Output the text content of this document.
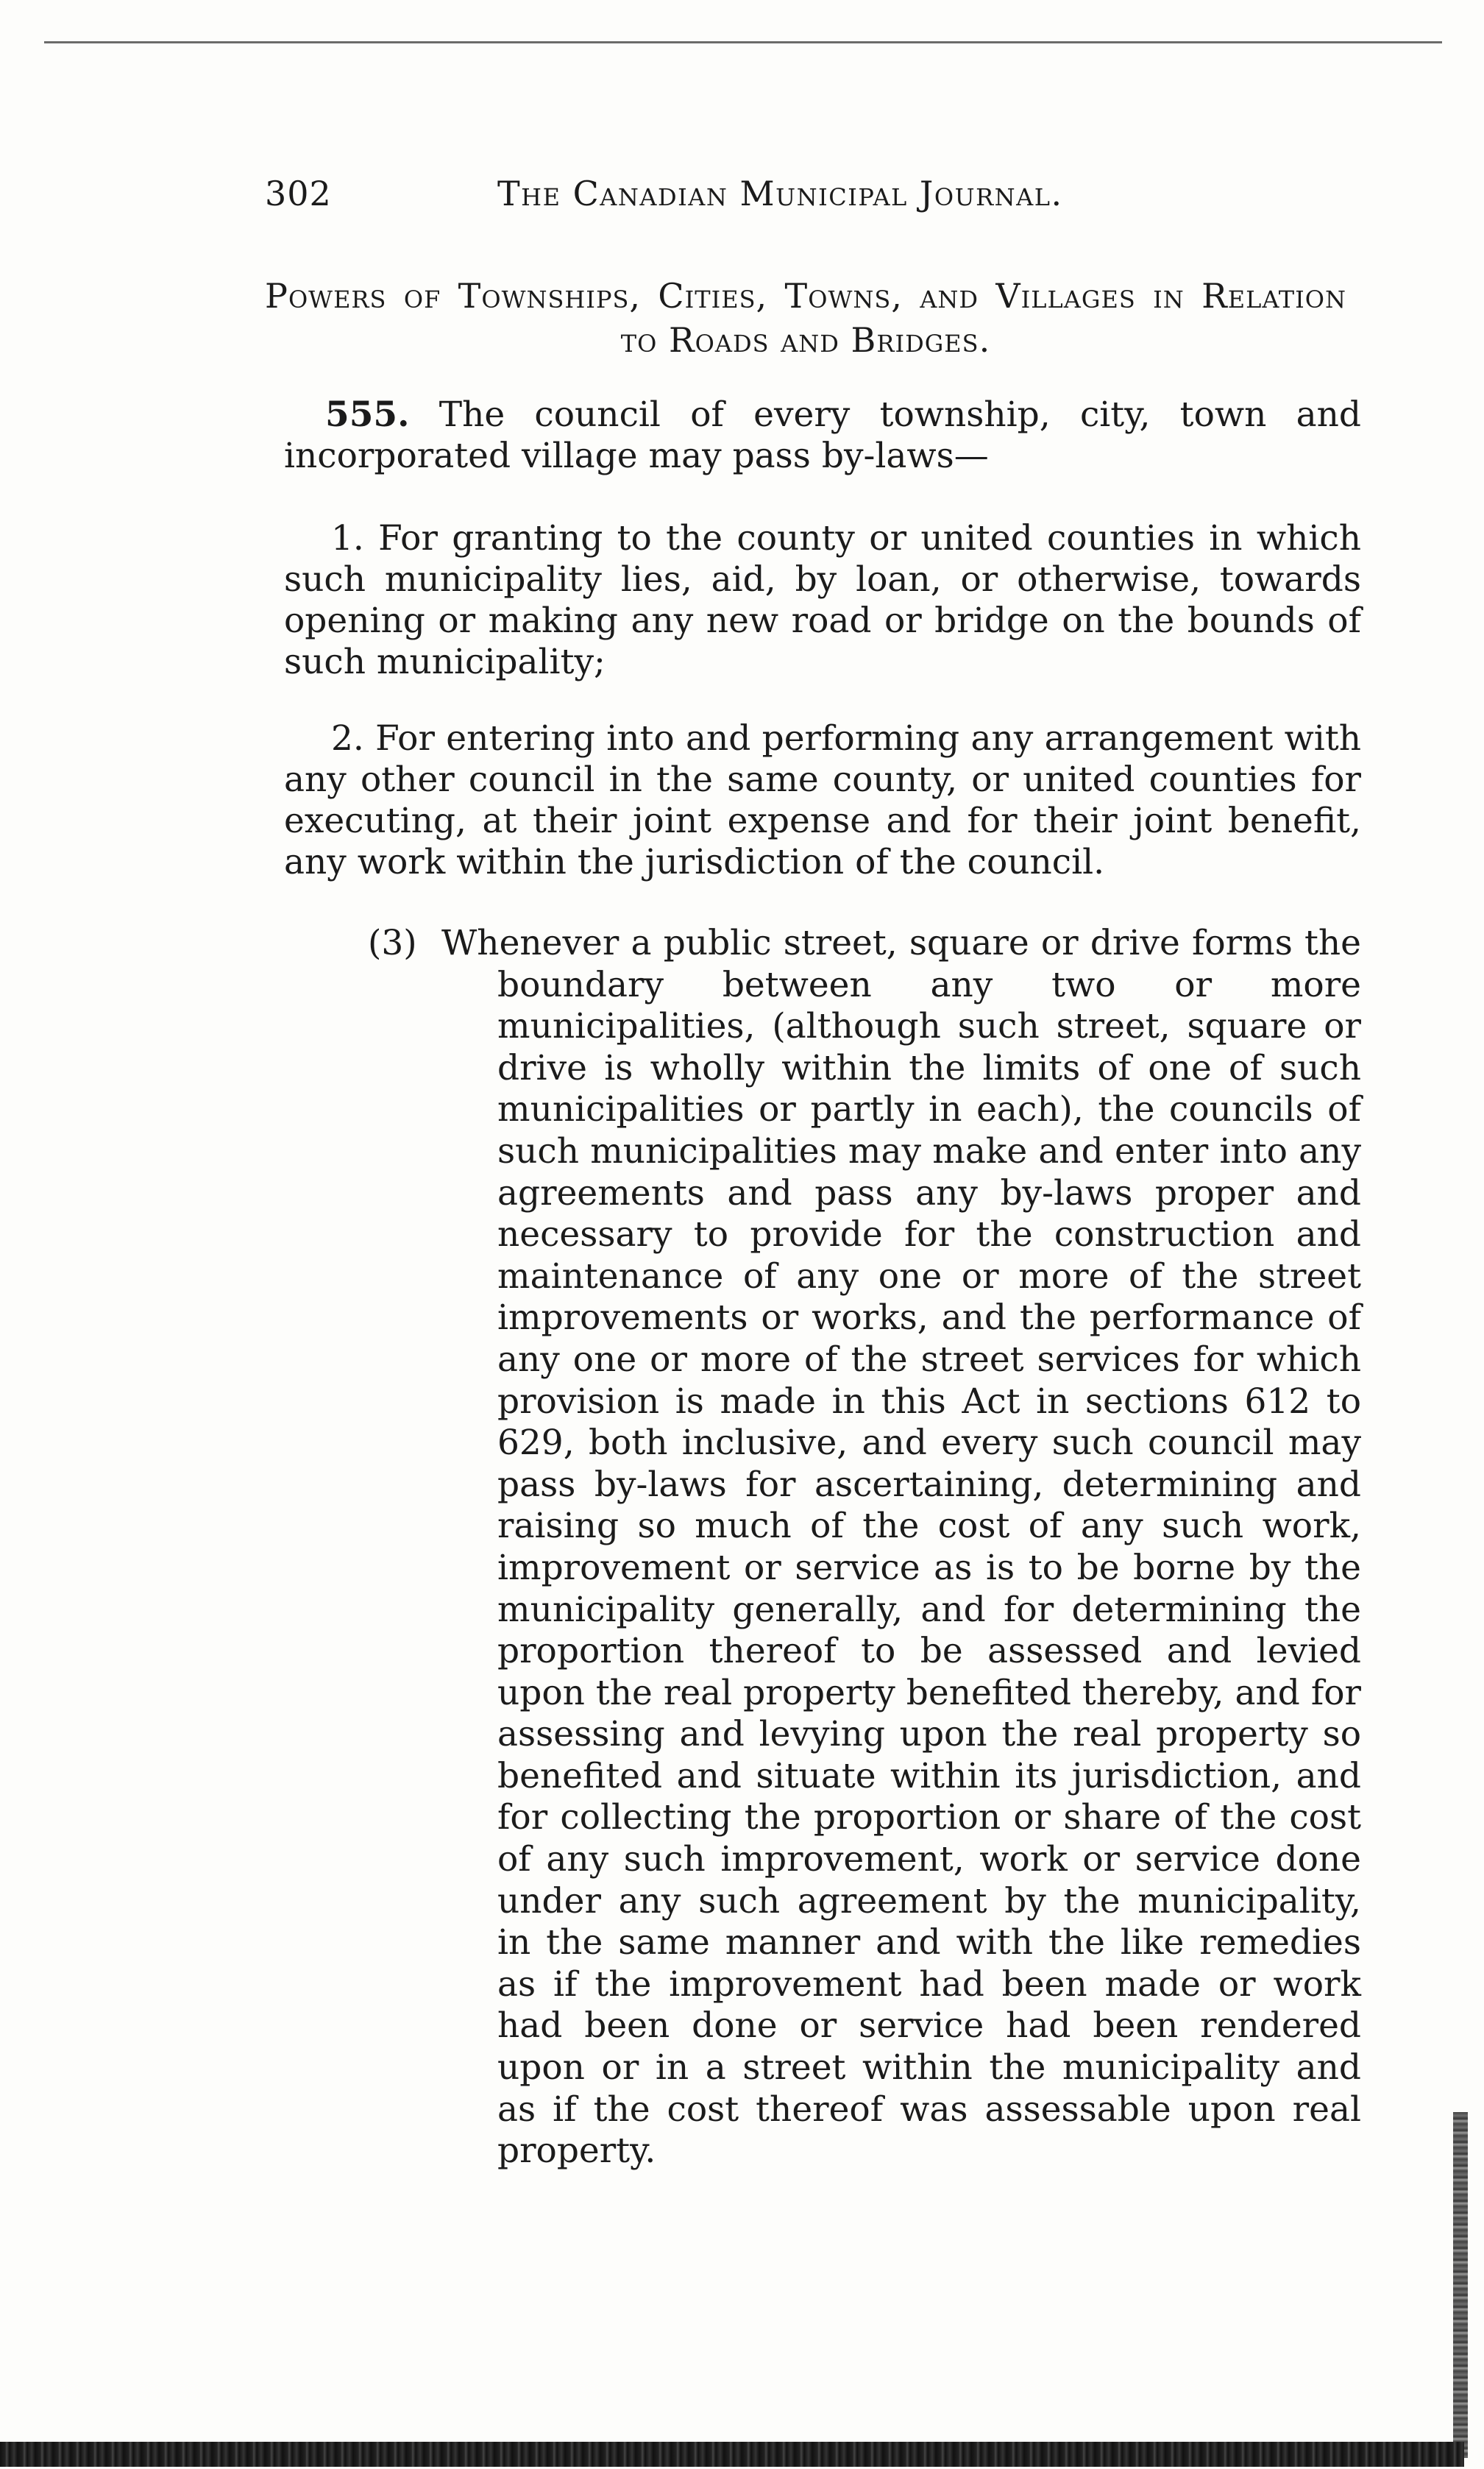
302	The Canadian Municipal Journal.
Powers of Townships, Cities, Towns, and Villages in Relation to Roads and Bridges.
555. The council of every township, city, town and incorporated village may pass by-laws—
1. For granting to the county or united counties in which such municipality lies, aid, by loan, or otherwise, towards opening or making any new road or bridge on the bounds of such municipality;
2. For entering into and performing any arrangement with any other council in the same county, or united counties for executing, at their joint expense and for their joint benefit, any work within the jurisdiction of the council.
(3) Whenever a public street, square or drive forms the boundary between any two or more municipalities, (although such street, square or drive is wholly within the limits of one of such municipalities or partly in each), the councils of such municipalities may make and enter into any agreements and pass any by-laws proper and necessary to provide for the construction and maintenance of any one or more of the street improvements or works, and the performance of any one or more of the street services for which provision is made in this Act in sections 612 to 629, both inclusive, and every such council may pass by-laws for ascertaining, determining and raising so much of the cost of any such work, improvement or service as is to be borne by the municipality generally, and for determining the proportion thereof to be assessed and levied upon the real property benefited thereby, and for assessing and levying upon the real property so benefited and situate within its jurisdiction, and for collecting the proportion or share of the cost of any such improvement, work or service done under any such agreement by the municipality, in the same manner and with the like remedies as if the improvement had been made or work had been done or service had been rendered upon or in a street within the municipality and as if the cost thereof was assessable upon real property.
